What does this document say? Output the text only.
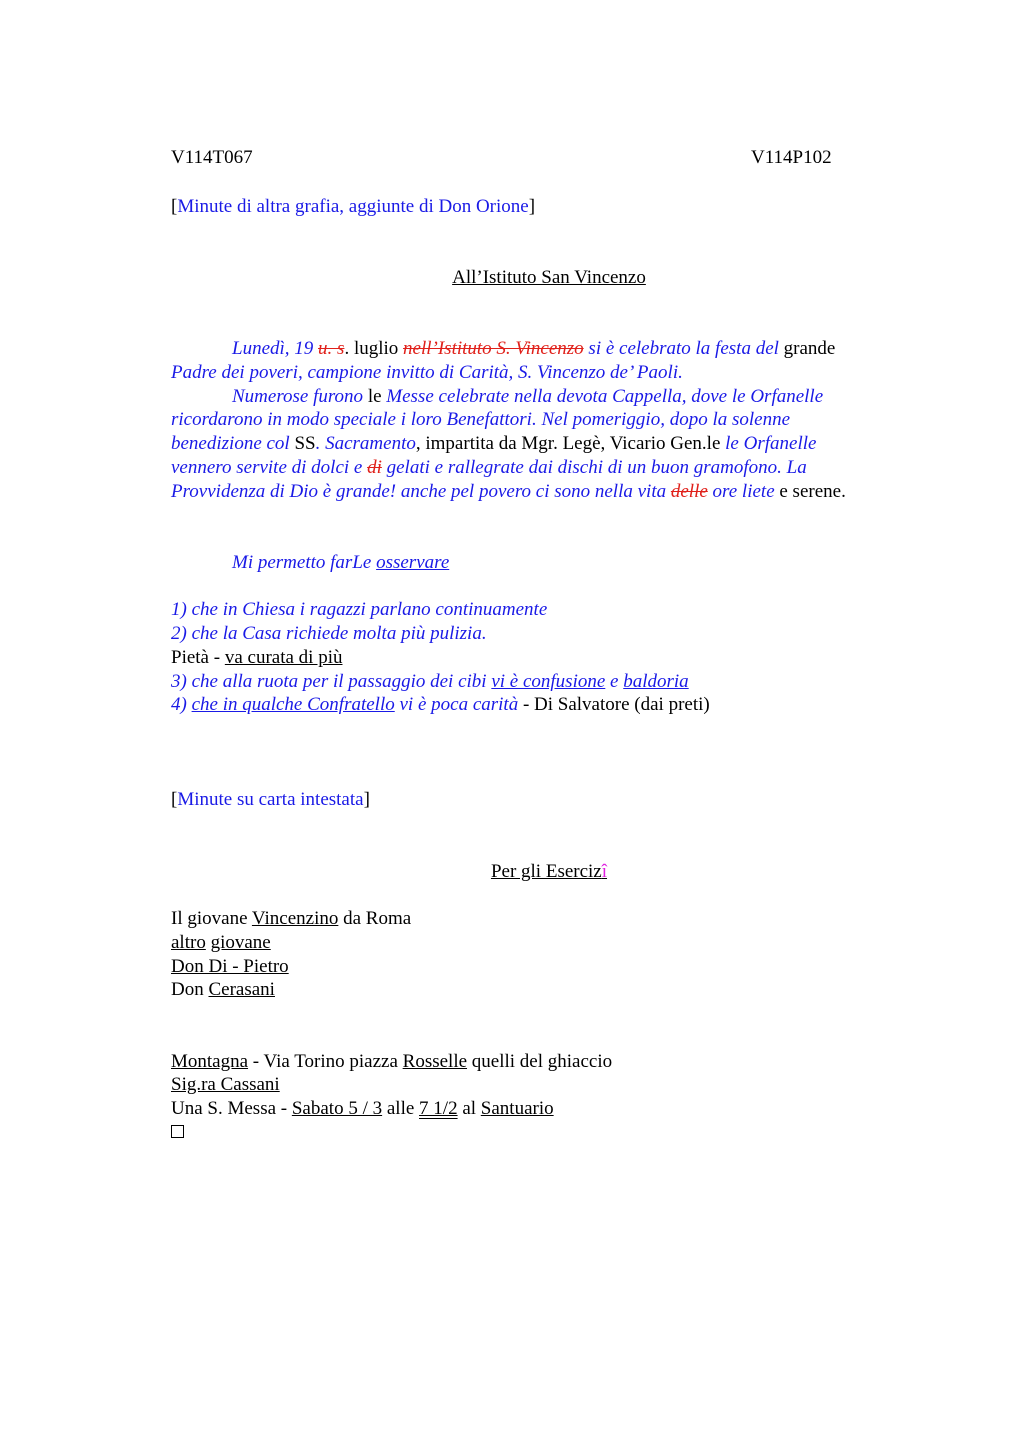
V114T067	V114P102
[Minute di altra grafia, aggiunte di Don Orione]
All’Istituto San Vincenzo
Lunedì, 19 u. s. luglio nell’Istituto S. Vincenzo si è celebrato la festa del grande
Padre dei poveri, campione invitto di Carità, S. Vincenzo de’ Paoli.
Numerose furono le Messe celebrate nella devota Cappella, dove le Orfanelle
ricordarono in modo speciale i loro Benefattori. Nel pomeriggio, dopo la solenne
benedizione col SS. Sacramento, impartita da Mgr. Legè, Vicario Gen.le le Orfanelle
vennero servite di dolci e di gelati e rallegrate dai dischi di un buon gramofono. La
Provvidenza di Dio è grande! anche pel povero ci sono nella vita delle ore liete e serene.
Mi permetto farLe osservare
1) che in Chiesa i ragazzi parlano continuamente
2) che la Casa richiede molta più pulizia.
Pietà - va curata di più
3) che alla ruota per il passaggio dei cibi vi è confusione e baldoria
4) che in qualche Confratello vi è poca carità - Di Salvatore (dai preti)
[Minute su carta intestata]
Per gli Esercizî
Il giovane Vincenzino da Roma
altro giovane
Don Di - Pietro
Don Cerasani
Montagna - Via Torino piazza Rosselle quelli del ghiaccio
Sig.ra Cassani
Una S. Messa - Sabato 5 / 3 alle 7 1/2 al Santuario
